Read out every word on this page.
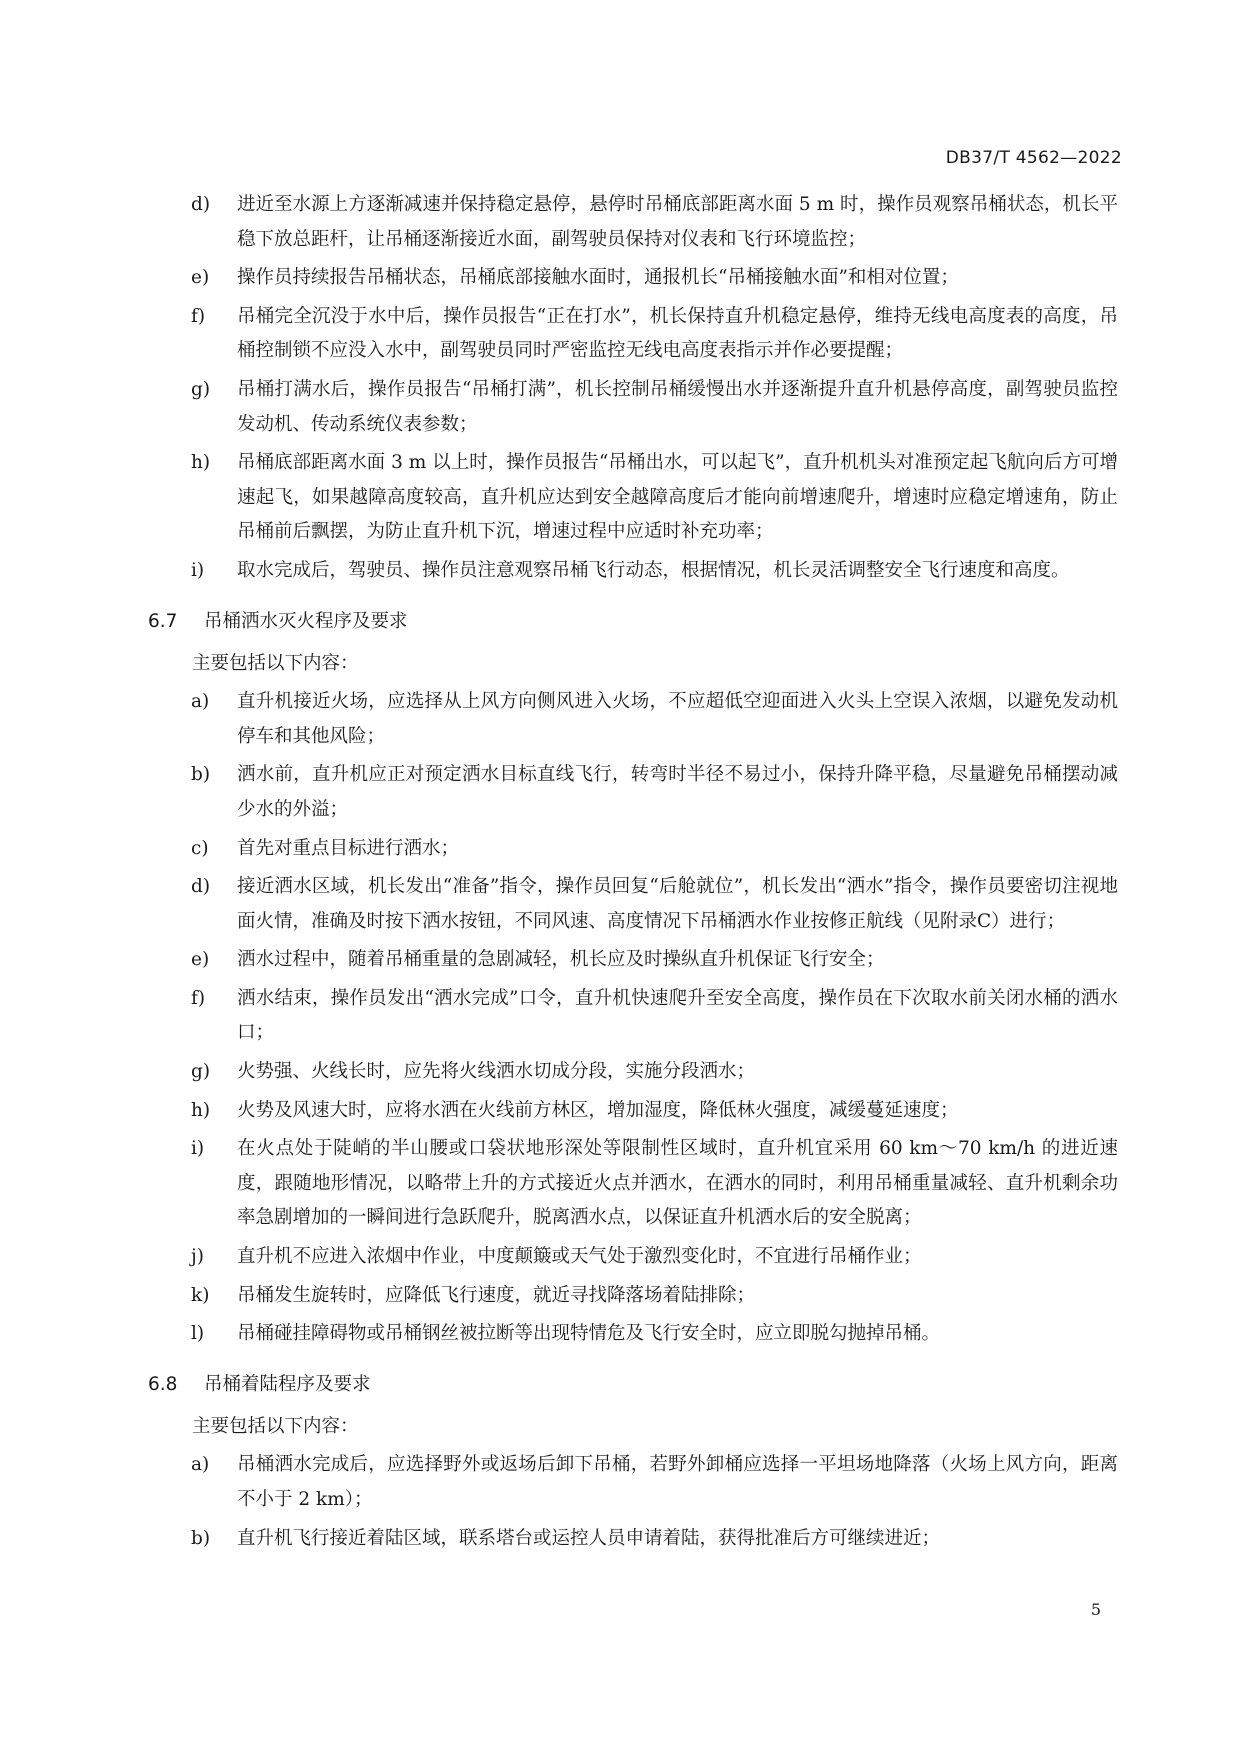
DB37/T 4562—2022
d) 进近至水源上方逐渐减速并保持稳定悬停，悬停时吊桶底部距离水面 5 m 时，操作员观察吊桶状态，机长平稳下放总距杆，让吊桶逐渐接近水面，副驾驶员保持对仪表和飞行环境监控；
e) 操作员持续报告吊桶状态，吊桶底部接触水面时，通报机长“吊桶接触水面”和相对位置；
f) 吊桶完全沉没于水中后，操作员报告“正在打水”，机长保持直升机稳定悬停，维持无线电高度表的高度，吊桶控制锁不应没入水中，副驾驶员同时严密监控无线电高度表指示并作必要提醒；
g) 吊桶打满水后，操作员报告“吊桶打满”，机长控制吊桶缓慢出水并逐渐提升直升机悬停高度，副驾驶员监控发动机、传动系统仪表参数；
h) 吊桶底部距离水面 3 m 以上时，操作员报告“吊桶出水，可以起飞”，直升机机头对准预定起飞航向后方可增速起飞，如果越障高度较高，直升机应达到安全越障高度后才能向前增速爬升，增速时应稳定增速角，防止吊桶前后飘摆，为防止直升机下沉，增速过程中应适时补充功率；
i) 取水完成后，驾驶员、操作员注意观察吊桶飞行动态，根据情况，机长灵活调整安全飞行速度和高度。
6.7 吊桶洒水灭火程序及要求
主要包括以下内容：
a) 直升机接近火场，应选择从上风方向侧风进入火场，不应超低空迎面进入火头上空误入浓烟，以避免发动机停车和其他风险；
b) 洒水前，直升机应正对预定洒水目标直线飞行，转弯时半径不易过小，保持升降平稳，尽量避免吊桶摆动减少水的外溢；
c) 首先对重点目标进行洒水；
d) 接近洒水区域，机长发出“准备”指令，操作员回复“后舱就位”，机长发出“洒水”指令，操作员要密切注视地面火情，准确及时按下洒水按钮，不同风速、高度情况下吊桶洒水作业按修正航线（见附录C）进行；
e) 洒水过程中，随着吊桶重量的急剧减轻，机长应及时操纵直升机保证飞行安全；
f) 洒水结束，操作员发出“洒水完成”口令，直升机快速爬升至安全高度，操作员在下次取水前关闭水桶的洒水口；
g) 火势强、火线长时，应先将火线洒水切成分段，实施分段洒水；
h) 火势及风速大时，应将水洒在火线前方林区，增加湿度，降低林火强度，减缓蔓延速度；
i) 在火点处于陡峭的半山腰或口袋状地形深处等限制性区域时，直升机宜采用 60 km～70 km/h 的进近速度，跟随地形情况，以略带上升的方式接近火点并洒水，在洒水的同时，利用吊桶重量减轻、直升机剩余功率急剧增加的一瞬间进行急跃爬升，脱离洒水点，以保证直升机洒水后的安全脱离；
j) 直升机不应进入浓烟中作业，中度颠簸或天气处于激烈变化时，不宜进行吊桶作业；
k) 吊桶发生旋转时，应降低飞行速度，就近寻找降落场着陆排除；
l) 吊桶碰挂障碍物或吊桶钢丝被拉断等出现特情危及飞行安全时，应立即脱勾抛掉吊桶。
6.8 吊桶着陆程序及要求
主要包括以下内容：
a) 吊桶洒水完成后，应选择野外或返场后卸下吊桶，若野外卸桶应选择一平坦场地降落（火场上风方向，距离不小于 2 km）；
b) 直升机飞行接近着陆区域，联系塔台或运控人员申请着陆，获得批准后方可继续进近；
5
